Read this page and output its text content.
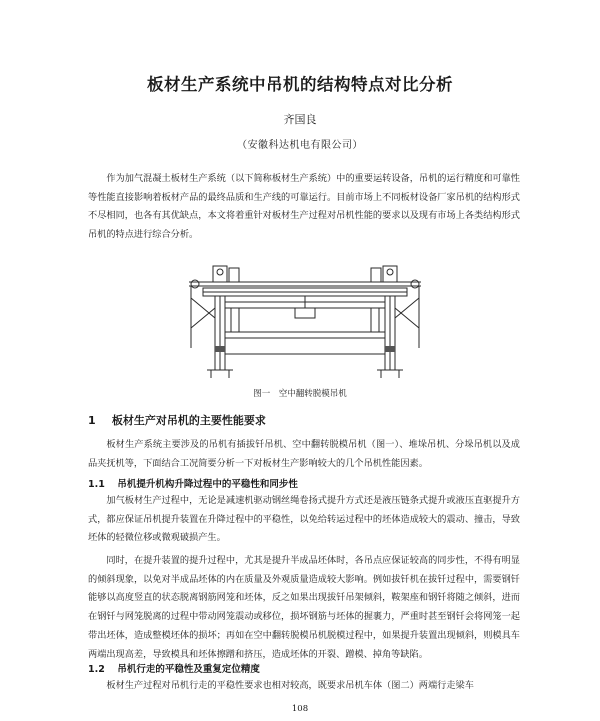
板材生产系统中吊机的结构特点对比分析
齐国良
（安徽科达机电有限公司）

作为加气混凝土板材生产系统（以下简称板材生产系统）中的重要运转设备，吊机的运行精度和可靠性等性能直接影响着板材产品的最终品质和生产线的可靠运行。目前市场上不同板材设备厂家吊机的结构形式不尽相同，也各有其优缺点，本文将着重针对板材生产过程对吊机性能的要求以及现有市场上各类结构形式吊机的特点进行综合分析。

图一　空中翻转脱模吊机
1 板材生产对吊机的主要性能要求

板材生产系统主要涉及的吊机有插拔钎吊机、空中翻转脱模吊机（图一）、堆垛吊机、分垛吊机以及成品夹抚机等，下面结合工况简要分析一下对板材生产影响较大的几个吊机性能因素。

1.1 吊机提升机构升降过程中的平稳性和同步性

加气板材生产过程中，无论是减速机驱动钢丝绳卷扬式提升方式还是液压链条式提升或液压直驱提升方式，都应保证吊机提升装置在升降过程中的平稳性，以免给转运过程中的坯体造成较大的震动、撞击，导致坯体的轻微位移或微观破损产生。

同时，在提升装置的提升过程中，尤其是提升半成品坯体时，各吊点应保证较高的同步性，不得有明显的倾斜现象，以免对半成品坯体的内在质量及外观质量造成较大影响。例如拔钎机在拔钎过程中，需要钢钎能够以高度竖直的状态脱离钢筋网笼和坯体，反之如果出现拔钎吊架倾斜，鞍架座和钢钎将随之倾斜，进而在钢钎与网笼脱离的过程中带动网笼震动或移位，损坏钢筋与坯体的握裹力，严重时甚至钢钎会将网笼一起带出坯体，造成整模坯体的损坏；再如在空中翻转脱模吊机脱模过程中，如果提升装置出现倾斜，则模具车两端出现高差，导致模具和坯体擦蹭和挤压，造成坯体的开裂、蹭模、掉角等缺陷。

1.2 吊机行走的平稳性及重复定位精度

板材生产过程对吊机行走的平稳性要求也相对较高，既要求吊机车体（图二）两端行走梁车

108
